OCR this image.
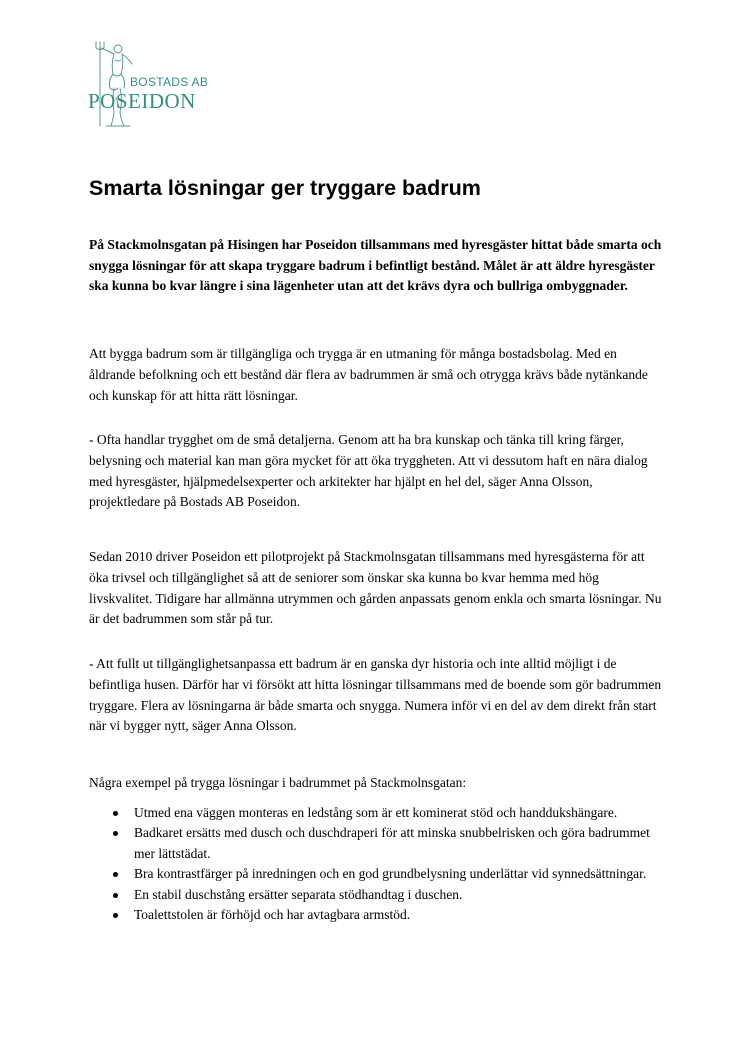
BOSTADS AB
POSEIDON
Smarta lösningar ger tryggare badrum

På Stackmolnsgatan på Hisingen har Poseidon tillsammans med hyresgäster hittat både smarta och snygga lösningar för att skapa tryggare badrum i befintligt bestånd. Målet är att äldre hyresgäster ska kunna bo kvar längre i sina lägenheter utan att det krävs dyra och bullriga ombyggnader.

Att bygga badrum som är tillgängliga och trygga är en utmaning för många bostadsbolag. Med en åldrande befolkning och ett bestånd där flera av badrummen är små och otrygga krävs både nytänkande och kunskap för att hitta rätt lösningar.

- Ofta handlar trygghet om de små detaljerna. Genom att ha bra kunskap och tänka till kring färger, belysning och material kan man göra mycket för att öka tryggheten. Att vi dessutom haft en nära dialog med hyresgäster, hjälpmedelsexperter och arkitekter har hjälpt en hel del, säger Anna Olsson, projektledare på Bostads AB Poseidon.

Sedan 2010 driver Poseidon ett pilotprojekt på Stackmolnsgatan tillsammans med hyresgästerna för att öka trivsel och tillgänglighet så att de seniorer som önskar ska kunna bo kvar hemma med hög livskvalitet. Tidigare har allmänna utrymmen och gården anpassats genom enkla och smarta lösningar. Nu är det badrummen som står på tur.

- Att fullt ut tillgänglighetsanpassa ett badrum är en ganska dyr historia och inte alltid möjligt i de befintliga husen. Därför har vi försökt att hitta lösningar tillsammans med de boende som gör badrummen tryggare. Flera av lösningarna är både smarta och snygga. Numera inför vi en del av dem direkt från start när vi bygger nytt, säger Anna Olsson.

Några exempel på trygga lösningar i badrummet på Stackmolnsgatan:

Utmed ena väggen monteras en ledstång som är ett kominerat stöd och handdukshängare.
Badkaret ersätts med dusch och duschdraperi för att minska snubbelrisken och göra badrummet mer lättstädat.
Bra kontrastfärger på inredningen och en god grundbelysning underlättar vid synnedsättningar.
En stabil duschstång ersätter separata stödhandtag i duschen.
Toalettstolen är förhöjd och har avtagbara armstöd.
